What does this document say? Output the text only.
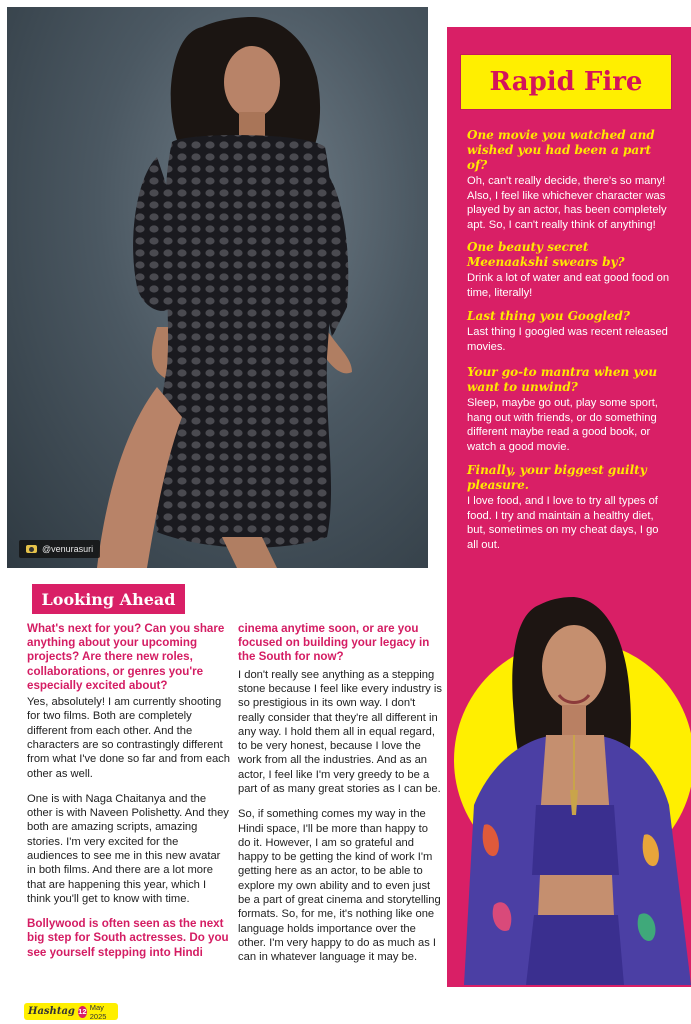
@venurasuri
Rapid Fire
One movie you watched and wished you had been a part of?
Oh, can't really decide, there's so many! Also, I feel like whichever character was played by an actor, has been completely apt. So, I can't really think of anything!
One beauty secret Meenaakshi swears by?
Drink a lot of water and eat good food on time, literally!
Last thing you Googled?
Last thing I googled was recent released movies.
Your go-to mantra when you want to unwind?
Sleep, maybe go out, play some sport, hang out with friends, or do something different maybe read a good book, or watch a good movie.
Finally, your biggest guilty pleasure.
I love food, and I love to try all types of food. I try and maintain a healthy diet, but, sometimes on my cheat days, I go all out.
Looking Ahead
What's next for you? Can you share anything about your upcoming projects? Are there new roles, collaborations, or genres you're especially excited about?

Yes, absolutely! I am currently shooting for two films. Both are completely different from each other. And the characters are so contrastingly different from what I've done so far and from each other as well.

One is with Naga Chaitanya and the other is with Naveen Polishetty. And they both are amazing scripts, amazing stories. I'm very excited for the audiences to see me in this new avatar in both films. And there are a lot more that are happening this year, which I think you'll get to know with time.

Bollywood is often seen as the next big step for South actresses. Do you see yourself stepping into Hindi
cinema anytime soon, or are you focused on building your legacy in the South for now?

I don't really see anything as a stepping stone because I feel like every industry is so prestigious in its own way. I don't really consider that they're all different in any way. I hold them all in equal regard, to be very honest, because I love the work from all the industries. And as an actor, I feel like I'm very greedy to be a part of as many great stories as I can be.

So, if something comes my way in the Hindi space, I'll be more than happy to do it. However, I am so grateful and happy to be getting the kind of work I'm getting here as an actor, to be able to explore my own ability and to even just be a part of great cinema and storytelling formats. So, for me, it's nothing like one language holds importance over the other. I'm very happy to do as much as I can in whatever language it may be.

Hashtag 12 May 2025
